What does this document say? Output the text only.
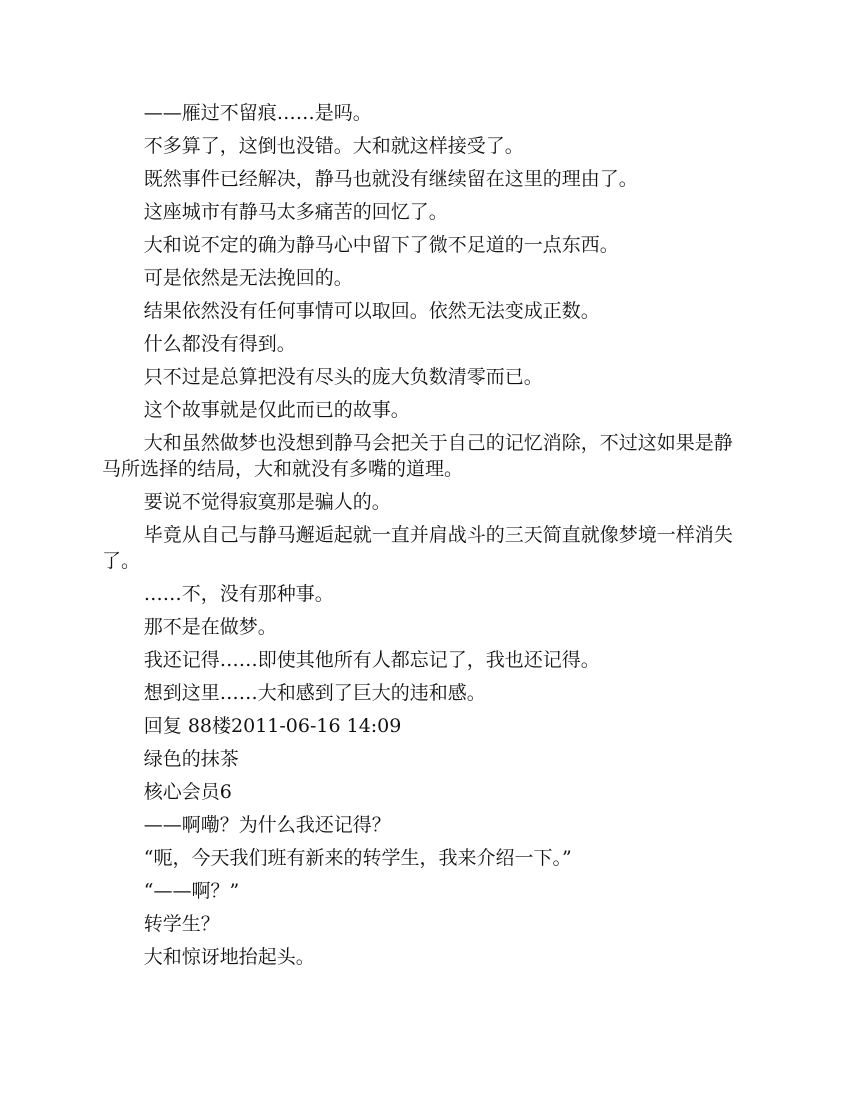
——雁过不留痕……是吗。

不多算了，这倒也没错。大和就这样接受了。

既然事件已经解决，静马也就没有继续留在这里的理由了。

这座城市有静马太多痛苦的回忆了。

大和说不定的确为静马心中留下了微不足道的一点东西。

可是依然是无法挽回的。

结果依然没有任何事情可以取回。依然无法变成正数。

什么都没有得到。

只不过是总算把没有尽头的庞大负数清零而已。

这个故事就是仅此而已的故事。

大和虽然做梦也没想到静马会把关于自己的记忆消除，不过这如果是静马所选择的结局，大和就没有多嘴的道理。

要说不觉得寂寞那是骗人的。

毕竟从自己与静马邂逅起就一直并肩战斗的三天简直就像梦境一样消失了。

……不，没有那种事。

那不是在做梦。

我还记得……即使其他所有人都忘记了，我也还记得。

想到这里……大和感到了巨大的违和感。

回复 88楼2011-06-16 14:09

绿色的抹茶

核心会员6

——啊嘞？为什么我还记得？

“呃，今天我们班有新来的转学生，我来介绍一下。”

“——啊？”

转学生？

大和惊讶地抬起头。
